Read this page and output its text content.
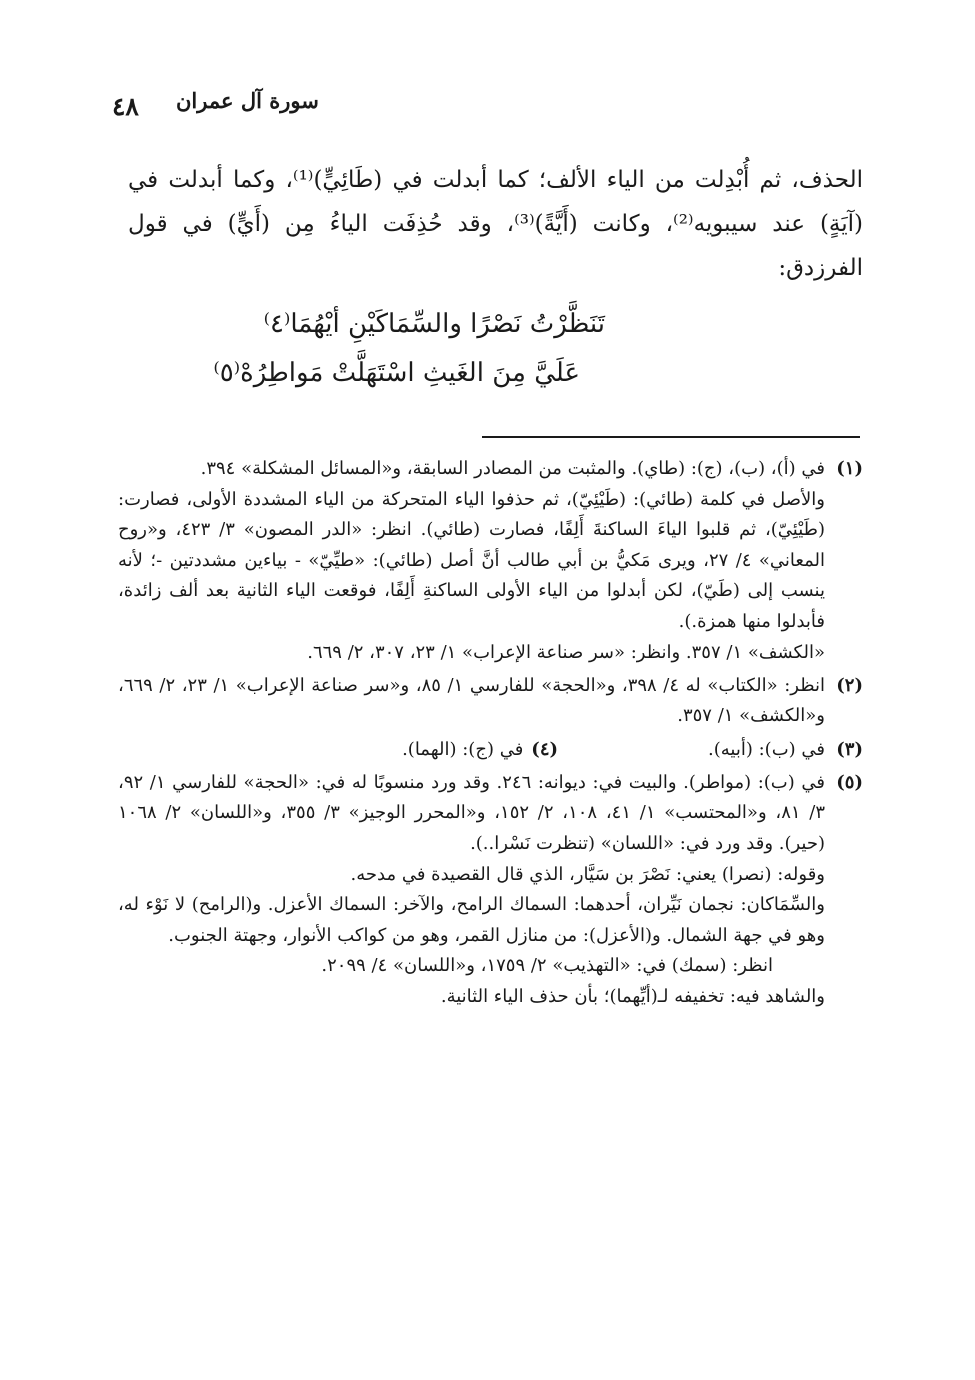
٤٨ سورة آل عمران

الحذف، ثم أُبْدِلت من الياء الألف؛ كما أبدلت في (طَائِيٍّ)⁽¹⁾، وكما أبدلت في (آيَةٍ) عند سيبويه⁽²⁾، وكانت (أَيَّةً)⁽³⁾، وقد حُذِفَت الياءُ مِن (أَيٍّ) في قول الفرزدق:

تَنَظَّرْتُ نَصْرًا والسِّمَاكَيْنِ أيْهُمَا⁽٤⁾
عَلَيَّ مِنَ الغَيثِ اسْتَهَلَّتْ مَواطِرُهْ⁽٥⁾
(١)

في (أ)، (ب)، (ج): (طاي). والمثبت من المصادر السابقة، و«المسائل المشكلة» ٣٩٤.

والأصل في كلمة (طائي): (طَيْئِيّ)، ثم حذفوا الياء المتحركة من الياء المشددة الأولى، فصارت: (طَيْئِيّ)، ثم قلبوا الياءَ الساكنةَ أَلِفًا، فصارت (طائي). انظر: «الدر المصون» ٣/ ٤٢٣، و«روح المعاني» ٤/ ٢٧، ويرى مَكيُّ بن أبي طالب أنَّ أصل (طائي): «طيِّيّ» - بياءين مشددتين -؛ لأنه ينسب إلى (طَيّ)، لكن أبدلوا من الياء الأولى الساكنةِ أَلِفًا، فوقعت الياء الثانية بعد ألف زائدة، فأبدلوا منها همزة.).

«الكشف» ١/ ٣٥٧. وانظر: «سر صناعة الإعراب» ١/ ٢٣، ٣٠٧، ٢/ ٦٦٩.

(٢)

انظر: «الكتاب» له ٤/ ٣٩٨، و«الحجة» للفارسي ١/ ٨٥، و«سر صناعة الإعراب» ١/ ٢٣، ٢/ ٦٦٩، و«الكشف» ١/ ٣٥٧.

(٣)
في (ب): (أبيه).
(٤)في (ج): (الهما).
(٥)

في (ب): (مواطر). والبيت في: ديوانه: ٢٤٦. وقد ورد منسوبًا له في: «الحجة» للفارسي ١/ ٩٢، ٣/ ٨١، و«المحتسب» ١/ ٤١، ١٠٨، ٢/ ١٥٢، و«المحرر الوجيز» ٣/ ٣٥٥، و«اللسان» ٢/ ١٠٦٨ (حير). وقد ورد في: «اللسان» (تنظرت نَسْرا..).

وقوله: (نصرا) يعني: نَصْرَ بن سَيَّار، الذي قال القصيدة في مدحه.

والسِّمَاكان: نجمان نَيِّران، أحدهما: السماك الرامح، والآخر: السماك الأعزل. و(الرامح) لا نَوْء له، وهو في جهة الشمال. و(الأعزل): من منازل القمر، وهو من كواكب الأنوار، وجهتة الجنوب.

انظر: (سمك) في: «التهذيب» ٢/ ١٧٥٩، و«اللسان» ٤/ ٢٠٩٩.

والشاهد فيه: تخفيفه لـ(أيِّهما)؛ بأن حذف الياء الثانية.
